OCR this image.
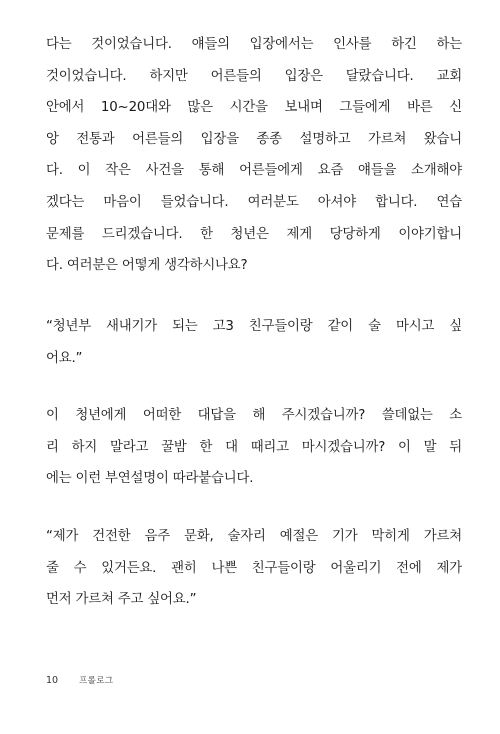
다는 것이었습니다. 얘들의 입장에서는 인사를 하긴 하는
것이었습니다. 하지만 어른들의 입장은 달랐습니다. 교회
안에서 10~20대와 많은 시간을 보내며 그들에게 바른 신
앙 전통과 어른들의 입장을 종종 설명하고 가르쳐 왔습니
다. 이 작은 사건을 통해 어른들에게 요즘 얘들을 소개해야
겠다는 마음이 들었습니다. 여러분도 아셔야 합니다. 연습
문제를 드리겠습니다. 한 청년은 제게 당당하게 이야기합니
다. 여러분은 어떻게 생각하시나요?
“청년부 새내기가 되는 고3 친구들이랑 같이 술 마시고 싶
어요.”
이 청년에게 어떠한 대답을 해 주시겠습니까? 쓸데없는 소
리 하지 말라고 꿀밤 한 대 때리고 마시겠습니까? 이 말 뒤
에는 이런 부연설명이 따라붙습니다.
“제가 건전한 음주 문화, 술자리 예절은 기가 막히게 가르쳐
줄 수 있거든요. 괜히 나쁜 친구들이랑 어울리기 전에 제가
먼저 가르쳐 주고 싶어요.”
10	프롤로그
